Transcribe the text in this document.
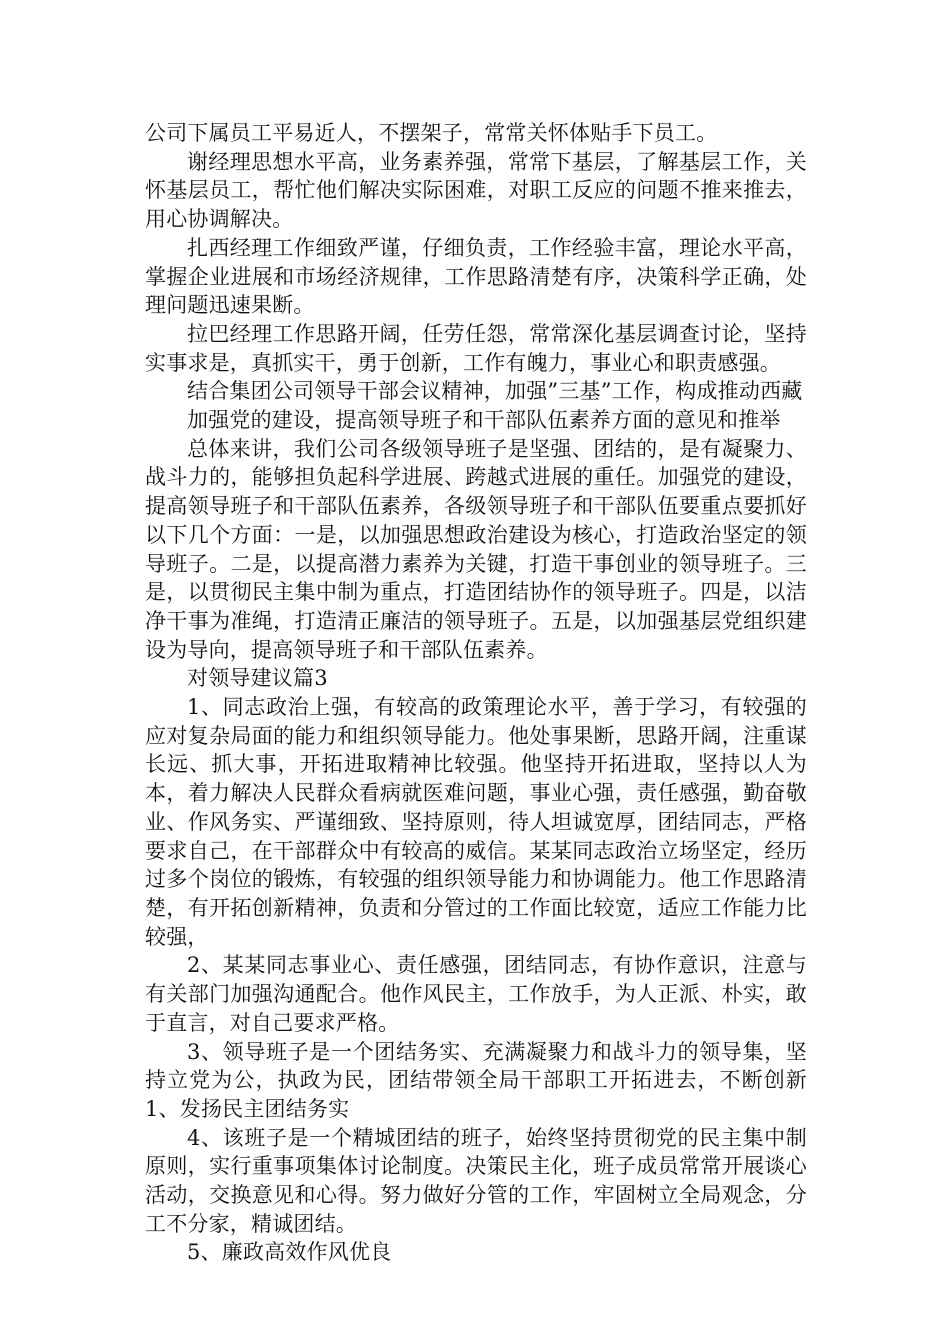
公司下属员工平易近人，不摆架子，常常关怀体贴手下员工。

谢经理思想水平高，业务素养强，常常下基层，了解基层工作，关怀基层员工，帮忙他们解决实际困难，对职工反应的问题不推来推去，用心协调解决。

扎西经理工作细致严谨，仔细负责，工作经验丰富，理论水平高，掌握企业进展和市场经济规律，工作思路清楚有序，决策科学正确，处理问题迅速果断。

拉巴经理工作思路开阔，任劳任怨，常常深化基层调查讨论，坚持实事求是，真抓实干，勇于创新，工作有魄力，事业心和职责感强。

结合集团公司领导干部会议精神，加强”三基”工作，构成推动西藏

加强党的建设，提高领导班子和干部队伍素养方面的意见和推举

总体来讲，我们公司各级领导班子是坚强、团结的，是有凝聚力、战斗力的，能够担负起科学进展、跨越式进展的重任。加强党的建设，提高领导班子和干部队伍素养，各级领导班子和干部队伍要重点要抓好以下几个方面：一是，以加强思想政治建设为核心，打造政治坚定的领导班子。二是，以提高潜力素养为关键，打造干事创业的领导班子。三是，以贯彻民主集中制为重点，打造团结协作的领导班子。四是，以洁净干事为准绳，打造清正廉洁的领导班子。五是，以加强基层党组织建设为导向，提高领导班子和干部队伍素养。

对领导建议篇3

1、同志政治上强，有较高的政策理论水平，善于学习，有较强的应对复杂局面的能力和组织领导能力。他处事果断，思路开阔，注重谋长远、抓大事，开拓进取精神比较强。他坚持开拓进取，坚持以人为本，着力解决人民群众看病就医难问题，事业心强，责任感强，勤奋敬业、作风务实、严谨细致、坚持原则，待人坦诚宽厚，团结同志，严格要求自己，在干部群众中有较高的威信。某某同志政治立场坚定，经历过多个岗位的锻炼，有较强的组织领导能力和协调能力。他工作思路清楚，有开拓创新精神，负责和分管过的工作面比较宽，适应工作能力比较强，

2、某某同志事业心、责任感强，团结同志，有协作意识，注意与有关部门加强沟通配合。他作风民主，工作放手，为人正派、朴实，敢于直言，对自己要求严格。

3、领导班子是一个团结务实、充满凝聚力和战斗力的领导集，坚持立党为公，执政为民，团结带领全局干部职工开拓进去，不断创新 1、发扬民主团结务实

4、该班子是一个精城团结的班子，始终坚持贯彻党的民主集中制原则，实行重事项集体讨论制度。决策民主化，班子成员常常开展谈心活动，交换意见和心得。努力做好分管的工作，牢固树立全局观念，分工不分家，精诚团结。

5、廉政高效作风优良
